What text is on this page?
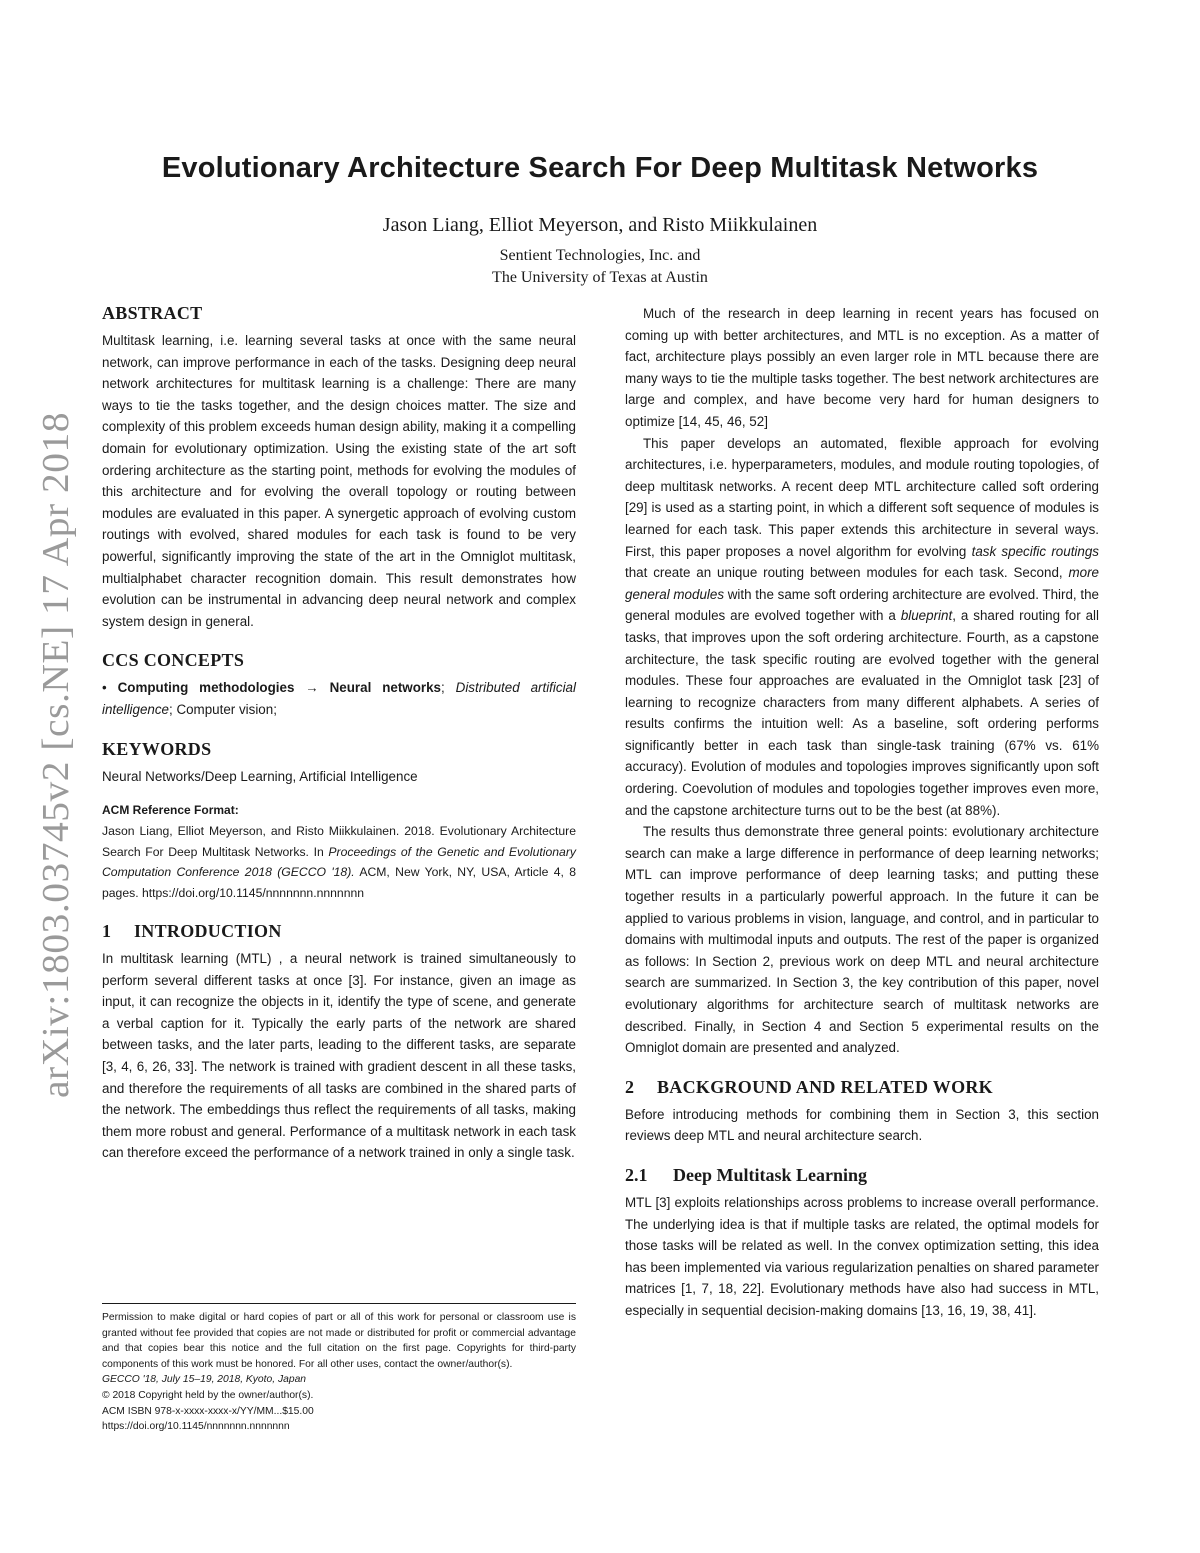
arXiv:1803.03745v2 [cs.NE] 17 Apr 2018
Evolutionary Architecture Search For Deep Multitask Networks

Jason Liang, Elliot Meyerson, and Risto Miikkulainen

Sentient Technologies, Inc. and

The University of Texas at Austin

ABSTRACT

Multitask learning, i.e. learning several tasks at once with the same neural network, can improve performance in each of the tasks. Designing deep neural network architectures for multitask learning is a challenge: There are many ways to tie the tasks together, and the design choices matter. The size and complexity of this problem exceeds human design ability, making it a compelling domain for evolutionary optimization. Using the existing state of the art soft ordering architecture as the starting point, methods for evolving the modules of this architecture and for evolving the overall topology or routing between modules are evaluated in this paper. A synergetic approach of evolving custom routings with evolved, shared modules for each task is found to be very powerful, significantly improving the state of the art in the Omniglot multitask, multialphabet character recognition domain. This result demonstrates how evolution can be instrumental in advancing deep neural network and complex system design in general.

CCS CONCEPTS

• Computing methodologies → Neural networks; Distributed artificial intelligence; Computer vision;

KEYWORDS

Neural Networks/Deep Learning, Artificial Intelligence

ACM Reference Format:

Jason Liang, Elliot Meyerson, and Risto Miikkulainen. 2018. Evolutionary Architecture Search For Deep Multitask Networks. In Proceedings of the Genetic and Evolutionary Computation Conference 2018 (GECCO '18). ACM, New York, NY, USA, Article 4, 8 pages. https://doi.org/10.1145/nnnnnnn.nnnnnnn

1 INTRODUCTION

In multitask learning (MTL) , a neural network is trained simultaneously to perform several different tasks at once [3]. For instance, given an image as input, it can recognize the objects in it, identify the type of scene, and generate a verbal caption for it. Typically the early parts of the network are shared between tasks, and the later parts, leading to the different tasks, are separate [3, 4, 6, 26, 33]. The network is trained with gradient descent in all these tasks, and therefore the requirements of all tasks are combined in the shared parts of the network. The embeddings thus reflect the requirements of all tasks, making them more robust and general. Performance of a multitask network in each task can therefore exceed the performance of a network trained in only a single task.

Much of the research in deep learning in recent years has focused on coming up with better architectures, and MTL is no exception. As a matter of fact, architecture plays possibly an even larger role in MTL because there are many ways to tie the multiple tasks together. The best network architectures are large and complex, and have become very hard for human designers to optimize [14, 45, 46, 52]

This paper develops an automated, flexible approach for evolving architectures, i.e. hyperparameters, modules, and module routing topologies, of deep multitask networks. A recent deep MTL architecture called soft ordering [29] is used as a starting point, in which a different soft sequence of modules is learned for each task. This paper extends this architecture in several ways. First, this paper proposes a novel algorithm for evolving task specific routings that create an unique routing between modules for each task. Second, more general modules with the same soft ordering architecture are evolved. Third, the general modules are evolved together with a blueprint, a shared routing for all tasks, that improves upon the soft ordering architecture. Fourth, as a capstone architecture, the task specific routing are evolved together with the general modules. These four approaches are evaluated in the Omniglot task [23] of learning to recognize characters from many different alphabets. A series of results confirms the intuition well: As a baseline, soft ordering performs significantly better in each task than single-task training (67% vs. 61% accuracy). Evolution of modules and topologies improves significantly upon soft ordering. Coevolution of modules and topologies together improves even more, and the capstone architecture turns out to be the best (at 88%).

The results thus demonstrate three general points: evolutionary architecture search can make a large difference in performance of deep learning networks; MTL can improve performance of deep learning tasks; and putting these together results in a particularly powerful approach. In the future it can be applied to various problems in vision, language, and control, and in particular to domains with multimodal inputs and outputs. The rest of the paper is organized as follows: In Section 2, previous work on deep MTL and neural architecture search are summarized. In Section 3, the key contribution of this paper, novel evolutionary algorithms for architecture search of multitask networks are described. Finally, in Section 4 and Section 5 experimental results on the Omniglot domain are presented and analyzed.

2 BACKGROUND AND RELATED WORK

Before introducing methods for combining them in Section 3, this section reviews deep MTL and neural architecture search.

2.1 Deep Multitask Learning

MTL [3] exploits relationships across problems to increase overall performance. The underlying idea is that if multiple tasks are related, the optimal models for those tasks will be related as well. In the convex optimization setting, this idea has been implemented via various regularization penalties on shared parameter matrices [1, 7, 18, 22]. Evolutionary methods have also had success in MTL, especially in sequential decision-making domains [13, 16, 19, 38, 41].

Permission to make digital or hard copies of part or all of this work for personal or classroom use is granted without fee provided that copies are not made or distributed for profit or commercial advantage and that copies bear this notice and the full citation on the first page. Copyrights for third-party components of this work must be honored. For all other uses, contact the owner/author(s).

GECCO '18, July 15–19, 2018, Kyoto, Japan

© 2018 Copyright held by the owner/author(s).

ACM ISBN 978-x-xxxx-xxxx-x/YY/MM...$15.00

https://doi.org/10.1145/nnnnnnn.nnnnnnn
